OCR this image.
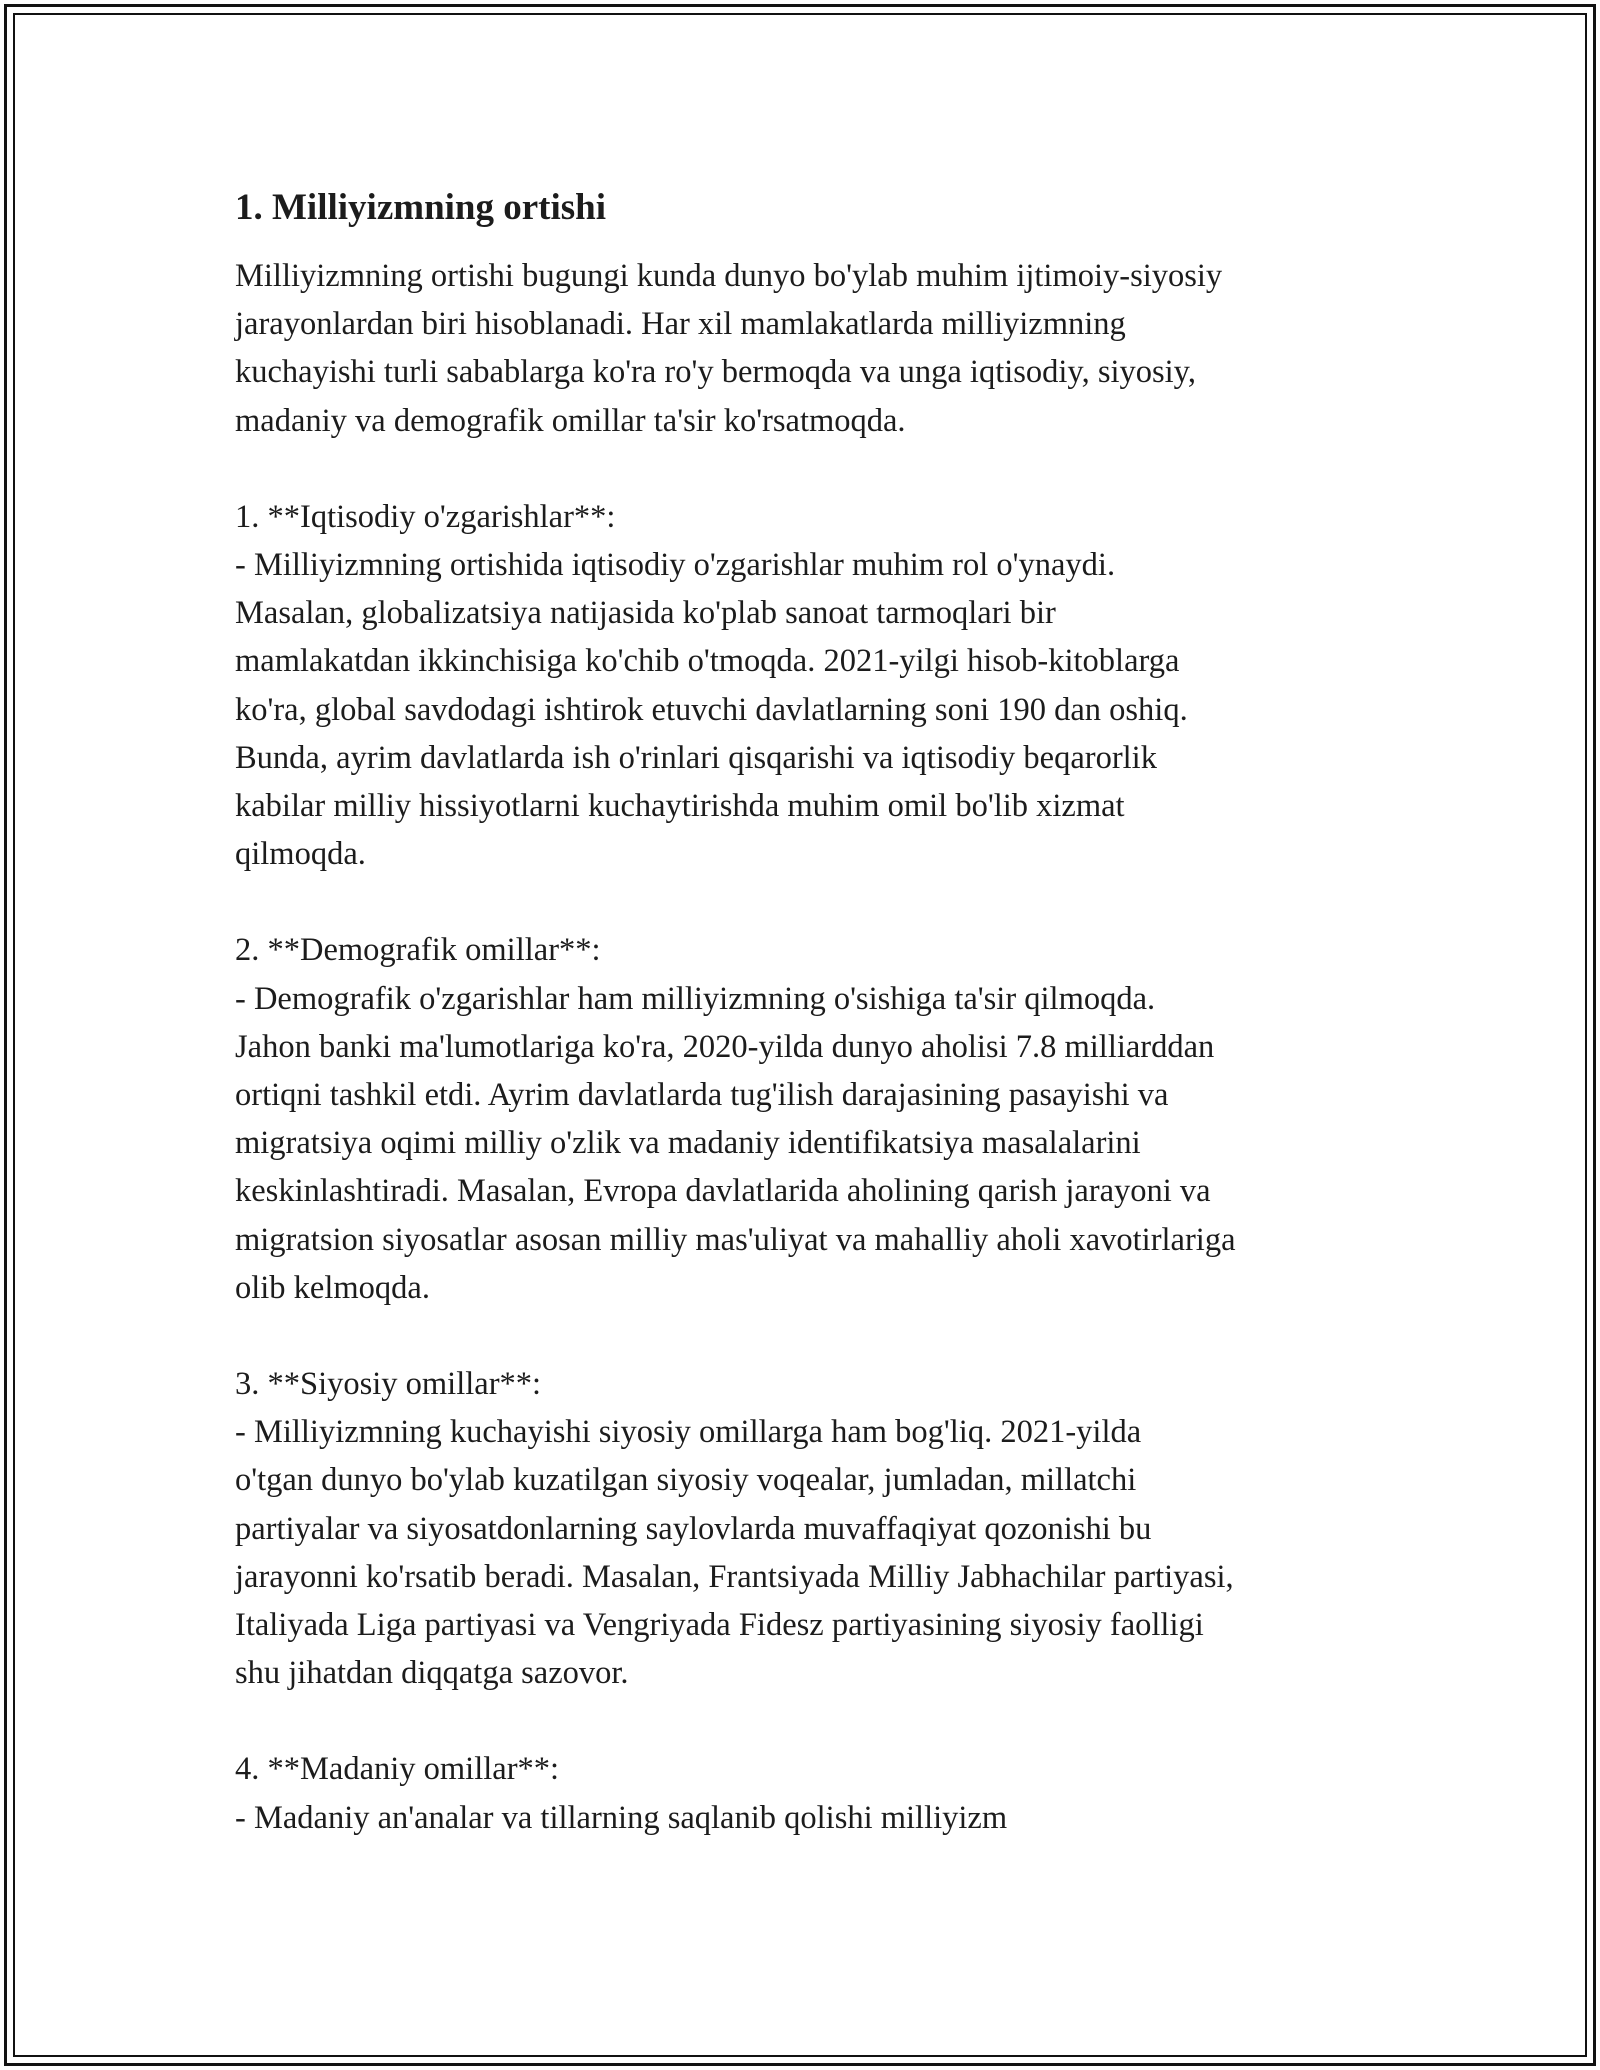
1. Milliyizmning ortishi

Milliyizmning ortishi bugungi kunda dunyo bo'ylab muhim ijtimoiy-siyosiy
jarayonlardan biri hisoblanadi. Har xil mamlakatlarda milliyizmning
kuchayishi turli sabablarga ko'ra ro'y bermoqda va unga iqtisodiy, siyosiy,
madaniy va demografik omillar ta'sir ko'rsatmoqda.

1. **Iqtisodiy o'zgarishlar**:

- Milliyizmning ortishida iqtisodiy o'zgarishlar muhim rol o'ynaydi.
Masalan, globalizatsiya natijasida ko'plab sanoat tarmoqlari bir
mamlakatdan ikkinchisiga ko'chib o'tmoqda. 2021-yilgi hisob-kitoblarga
ko'ra, global savdodagi ishtirok etuvchi davlatlarning soni 190 dan oshiq.
Bunda, ayrim davlatlarda ish o'rinlari qisqarishi va iqtisodiy beqarorlik
kabilar milliy hissiyotlarni kuchaytirishda muhim omil bo'lib xizmat
qilmoqda.

2. **Demografik omillar**:

- Demografik o'zgarishlar ham milliyizmning o'sishiga ta'sir qilmoqda.
Jahon banki ma'lumotlariga ko'ra, 2020-yilda dunyo aholisi 7.8 milliarddan
ortiqni tashkil etdi. Ayrim davlatlarda tug'ilish darajasining pasayishi va
migratsiya oqimi milliy o'zlik va madaniy identifikatsiya masalalarini
keskinlashtiradi. Masalan, Evropa davlatlarida aholining qarish jarayoni va
migratsion siyosatlar asosan milliy mas'uliyat va mahalliy aholi xavotirlariga
olib kelmoqda.

3. **Siyosiy omillar**:

- Milliyizmning kuchayishi siyosiy omillarga ham bog'liq. 2021-yilda
o'tgan dunyo bo'ylab kuzatilgan siyosiy voqealar, jumladan, millatchi
partiyalar va siyosatdonlarning saylovlarda muvaffaqiyat qozonishi bu
jarayonni ko'rsatib beradi. Masalan, Frantsiyada Milliy Jabhachilar partiyasi,
Italiyada Liga partiyasi va Vengriyada Fidesz partiyasining siyosiy faolligi
shu jihatdan diqqatga sazovor.

4. **Madaniy omillar**:

- Madaniy an'analar va tillarning saqlanib qolishi milliyizm
